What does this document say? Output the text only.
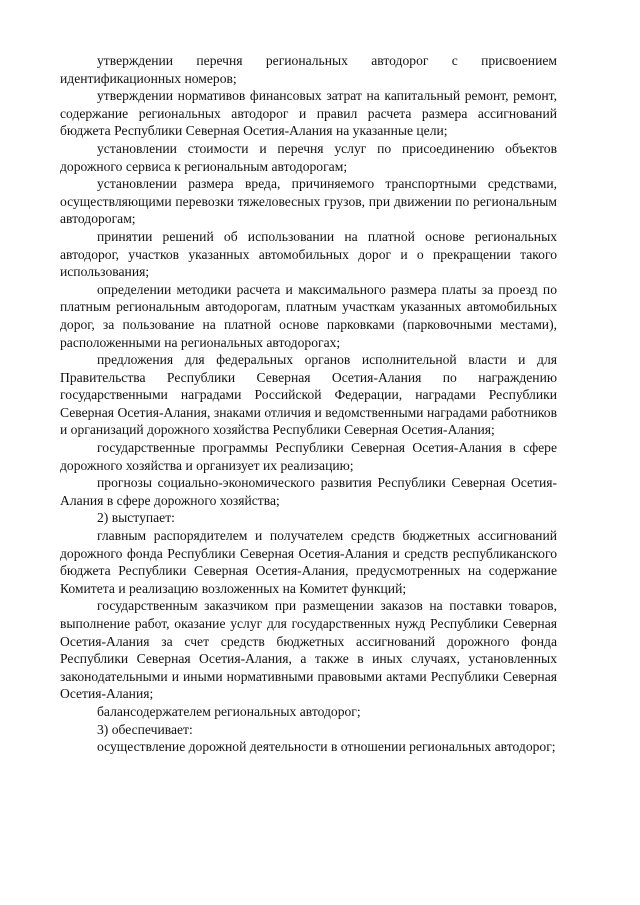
утверждении перечня региональных автодорог с присвоением идентификационных номеров;

утверждении нормативов финансовых затрат на капитальный ремонт, ремонт, содержание региональных автодорог и правил расчета размера ассигнований бюджета Республики Северная Осетия-Алания на указанные цели;

установлении стоимости и перечня услуг по присоединению объектов дорожного сервиса к региональным автодорогам;

установлении размера вреда, причиняемого транспортными средствами, осуществляющими перевозки тяжеловесных грузов, при движении по региональным автодорогам;

принятии решений об использовании на платной основе региональных автодорог, участков указанных автомобильных дорог и о прекращении такого использования;

определении методики расчета и максимального размера платы за проезд по платным региональным автодорогам, платным участкам указанных автомобильных дорог, за пользование на платной основе парковками (парковочными местами), расположенными на региональных автодорогах;

предложения для федеральных органов исполнительной власти и для Правительства Республики Северная Осетия-Алания по награждению государственными наградами Российской Федерации, наградами Республики Северная Осетия-Алания, знаками отличия и ведомственными наградами работников и организаций дорожного хозяйства Республики Северная Осетия-Алания;

государственные программы Республики Северная Осетия-Алания в сфере дорожного хозяйства и организует их реализацию;

прогнозы социально-экономического развития Республики Северная Осетия-Алания в сфере дорожного хозяйства;

2) выступает:

главным распорядителем и получателем средств бюджетных ассигнований дорожного фонда Республики Северная Осетия-Алания и средств республиканского бюджета Республики Северная Осетия-Алания, предусмотренных на содержание Комитета и реализацию возложенных на Комитет функций;

государственным заказчиком при размещении заказов на поставки товаров, выполнение работ, оказание услуг для государственных нужд Республики Северная Осетия-Алания за счет средств бюджетных ассигнований дорожного фонда Республики Северная Осетия-Алания, а также в иных случаях, установленных законодательными и иными нормативными правовыми актами Республики Северная Осетия-Алания;

балансодержателем региональных автодорог;

3) обеспечивает:

осуществление дорожной деятельности в отношении региональных автодорог;
